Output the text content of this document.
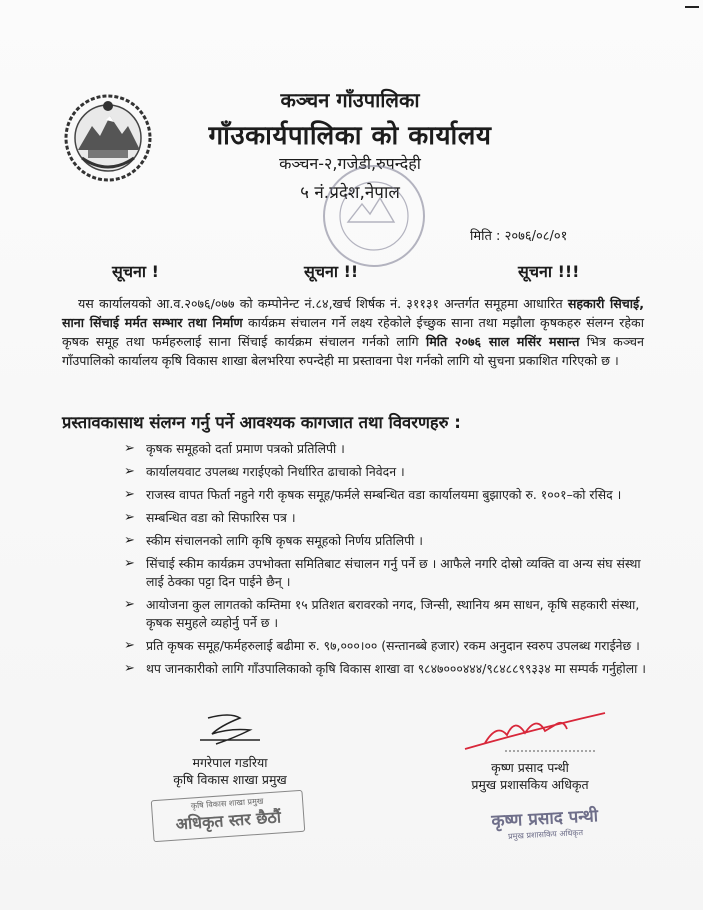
कञ्चन गाँउपालिका
गाँउकार्यपालिका को कार्यालय
कञ्चन-२,गजेडी,रुपन्देही
५ नं.प्रदेश,नेपाल
मिति : २०७६/०८/०१
सूचना !	सूचना !!	सूचना !!!
यस कार्यालयको आ.व.२०७६/०७७ को कम्पोनेन्ट नं.८४,खर्च शिर्षक नं. ३११३१ अन्तर्गत समूहमा आधारित सहकारी सिचाई, साना सिंचाई मर्मत सम्भार तथा निर्माण कार्यक्रम संचालन गर्ने लक्ष्य रहेकोले ईच्छुक साना तथा मझौला कृषकहरु संलग्न रहेका कृषक समूह तथा फर्महरुलाई साना सिंचाई कार्यक्रम संचालन गर्नको लागि मिति २०७६ साल मसिंर मसान्त भित्र कञ्चन गाँउपालिको कार्यालय कृषि विकास शाखा बेलभरिया रुपन्देही मा प्रस्तावना पेश गर्नको लागि यो सुचना प्रकाशित गरिएको छ ।
प्रस्तावकासाथ संलग्न गर्नु पर्ने आवश्यक कागजात तथा विवरणहरु :
➢ कृषक समूहको दर्ता प्रमाण पत्रको प्रतिलिपी ।
➢ कार्यालयवाट उपलब्ध गराईएको निर्धारित ढाचाको निवेदन ।
➢ राजस्व वापत फिर्ता नहुने गरी कृषक समूह/फर्मले सम्बन्धित वडा कार्यालयमा बुझाएको रु. १००१–को रसिद ।
➢ सम्बन्धित वडा को सिफारिस पत्र ।
➢ स्कीम संचालनको लागि कृषि कृषक समूहको निर्णय प्रतिलिपी ।
➢ सिंचाई स्कीम कार्यक्रम उपभोक्ता समितिबाट संचालन गर्नु पर्ने छ । आफैले नगरि दोस्रो व्यक्ति वा अन्य संघ संस्था लाई ठेक्का पट्टा दिन पाईने छैन् ।
➢ आयोजना कुल लागतको कम्तिमा १५ प्रतिशत बरावरको नगद, जिन्सी, स्थानिय श्रम साधन, कृषि सहकारी संस्था, कृषक समुहले व्यहोर्नु पर्ने छ ।
➢ प्रति कृषक समूह/फर्महरुलाई बढीमा रु. ९७,०००।०० (सन्तानब्बे हजार) रकम अनुदान स्वरुप उपलब्ध गराईनेछ ।
➢ थप जानकारीको लागि गाँउपालिकाको कृषि विकास शाखा वा ९८४७०००४४४/९८४८८९९३३४ मा सम्पर्क गर्नुहोला ।
मगरेपाल गडरिया
कृषि विकास शाखा प्रमुख
कृषि विकास शाखा प्रमुख
अधिकृत स्तर छैठौं
कृष्ण प्रसाद पन्थी
प्रमुख प्रशासकिय अधिकृत
कृष्ण प्रसाद पन्थी
प्रमुख प्रशासकिय अधिकृत
